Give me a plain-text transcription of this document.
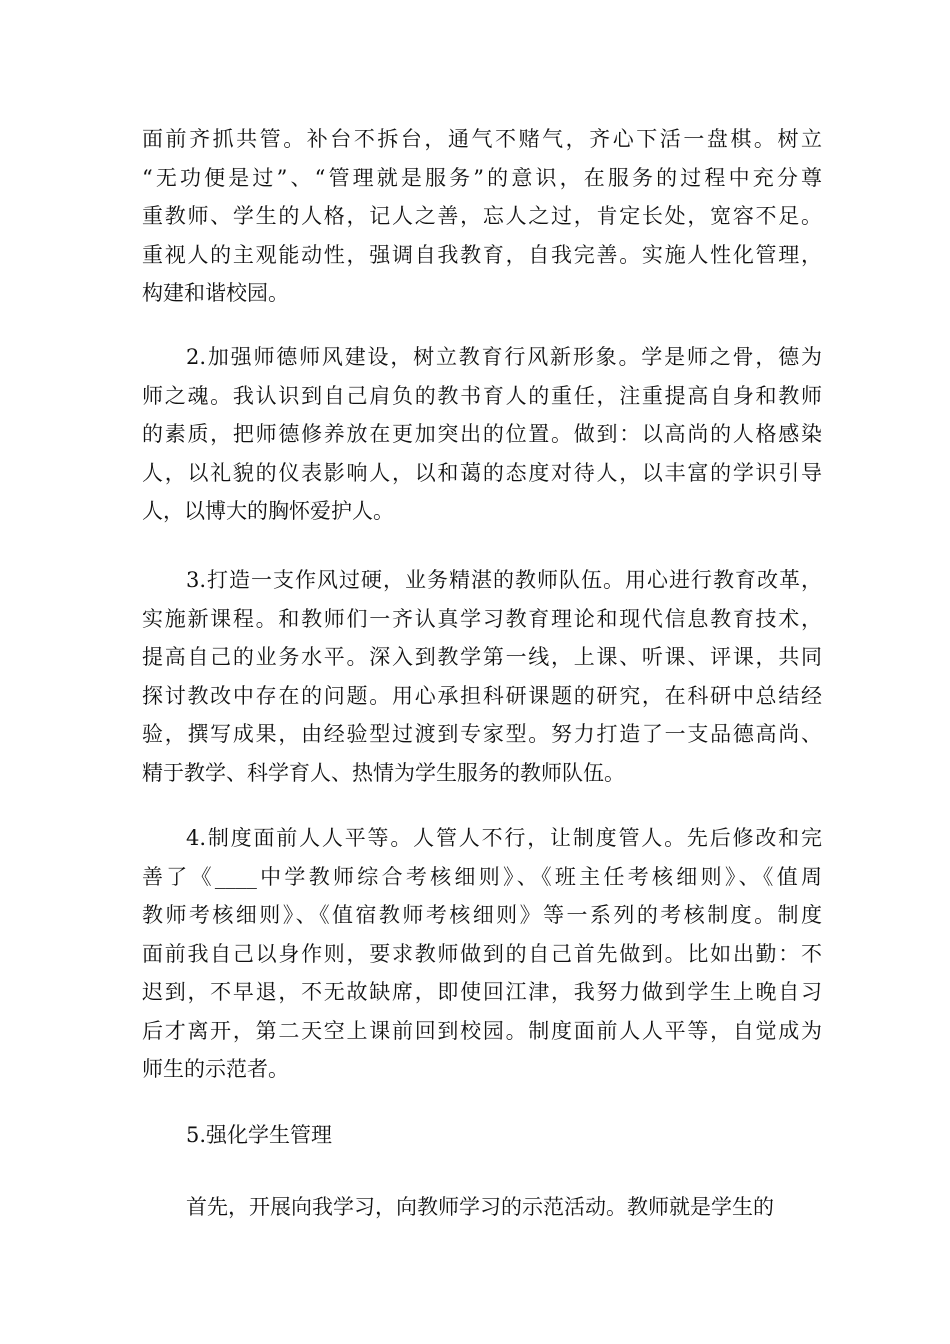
面前齐抓共管。补台不拆台，通气不赌气，齐心下活一盘棋。树立
“无功便是过”、“管理就是服务”的意识，在服务的过程中充分尊
重教师、学生的人格，记人之善，忘人之过，肯定长处，宽容不足。
重视人的主观能动性，强调自我教育，自我完善。实施人性化管理，
构建和谐校园。
2.加强师德师风建设，树立教育行风新形象。学是师之骨，德为
师之魂。我认识到自己肩负的教书育人的重任，注重提高自身和教师
的素质，把师德修养放在更加突出的位置。做到：以高尚的人格感染
人，以礼貌的仪表影响人，以和蔼的态度对待人，以丰富的学识引导
人，以博大的胸怀爱护人。
3.打造一支作风过硬，业务精湛的教师队伍。用心进行教育改革，
实施新课程。和教师们一齐认真学习教育理论和现代信息教育技术，
提高自己的业务水平。深入到教学第一线，上课、听课、评课，共同
探讨教改中存在的问题。用心承担科研课题的研究，在科研中总结经
验，撰写成果，由经验型过渡到专家型。努力打造了一支品德高尚、
精于教学、科学育人、热情为学生服务的教师队伍。
4.制度面前人人平等。人管人不行，让制度管人。先后修改和完
善了《____中学教师综合考核细则》、《班主任考核细则》、《值周
教师考核细则》、《值宿教师考核细则》等一系列的考核制度。制度
面前我自己以身作则，要求教师做到的自己首先做到。比如出勤：不
迟到，不早退，不无故缺席，即使回江津，我努力做到学生上晚自习
后才离开，第二天空上课前回到校园。制度面前人人平等，自觉成为
师生的示范者。
5.强化学生管理
首先，开展向我学习，向教师学习的示范活动。教师就是学生的
